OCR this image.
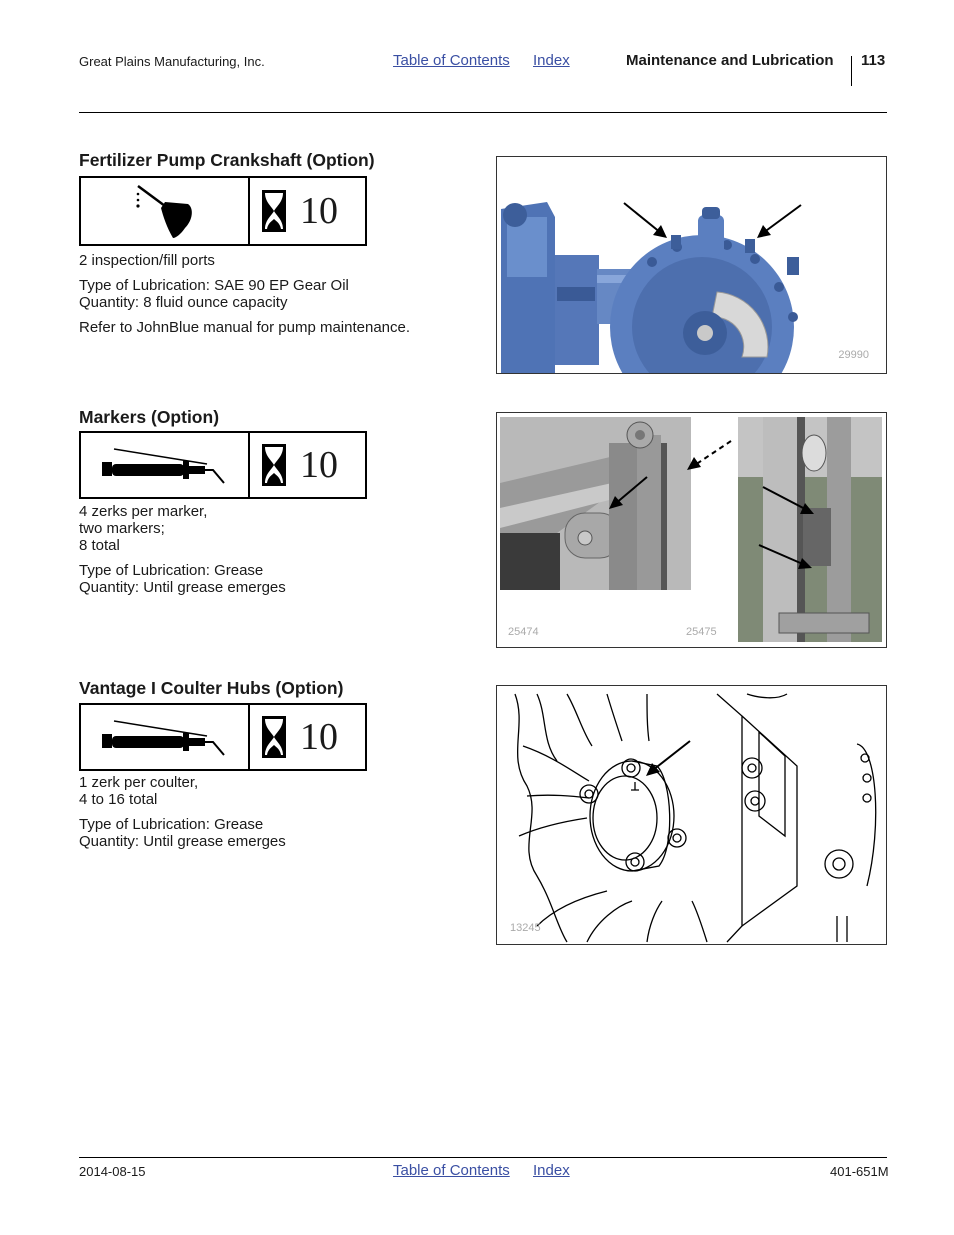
Great Plains Manufacturing, Inc.	Table of Contents Index	Maintenance and Lubrication 113
Fertilizer Pump Crankshaft (Option)
10

2 inspection/fill ports

Type of Lubrication: SAE 90 EP Gear Oil
Quantity: 8 fluid ounce capacity

Refer to JohnBlue manual for pump maintenance.

29990
Markers (Option)
10

4 zerks per marker,
two markers;
8 total

Type of Lubrication: Grease
Quantity: Until grease emerges

25474	25475
Vantage I Coulter Hubs (Option)
10

1 zerk per coulter,
4 to 16 total

Type of Lubrication: Grease
Quantity: Until grease emerges

13245
2014-08-15	Table of Contents Index	401-651M
